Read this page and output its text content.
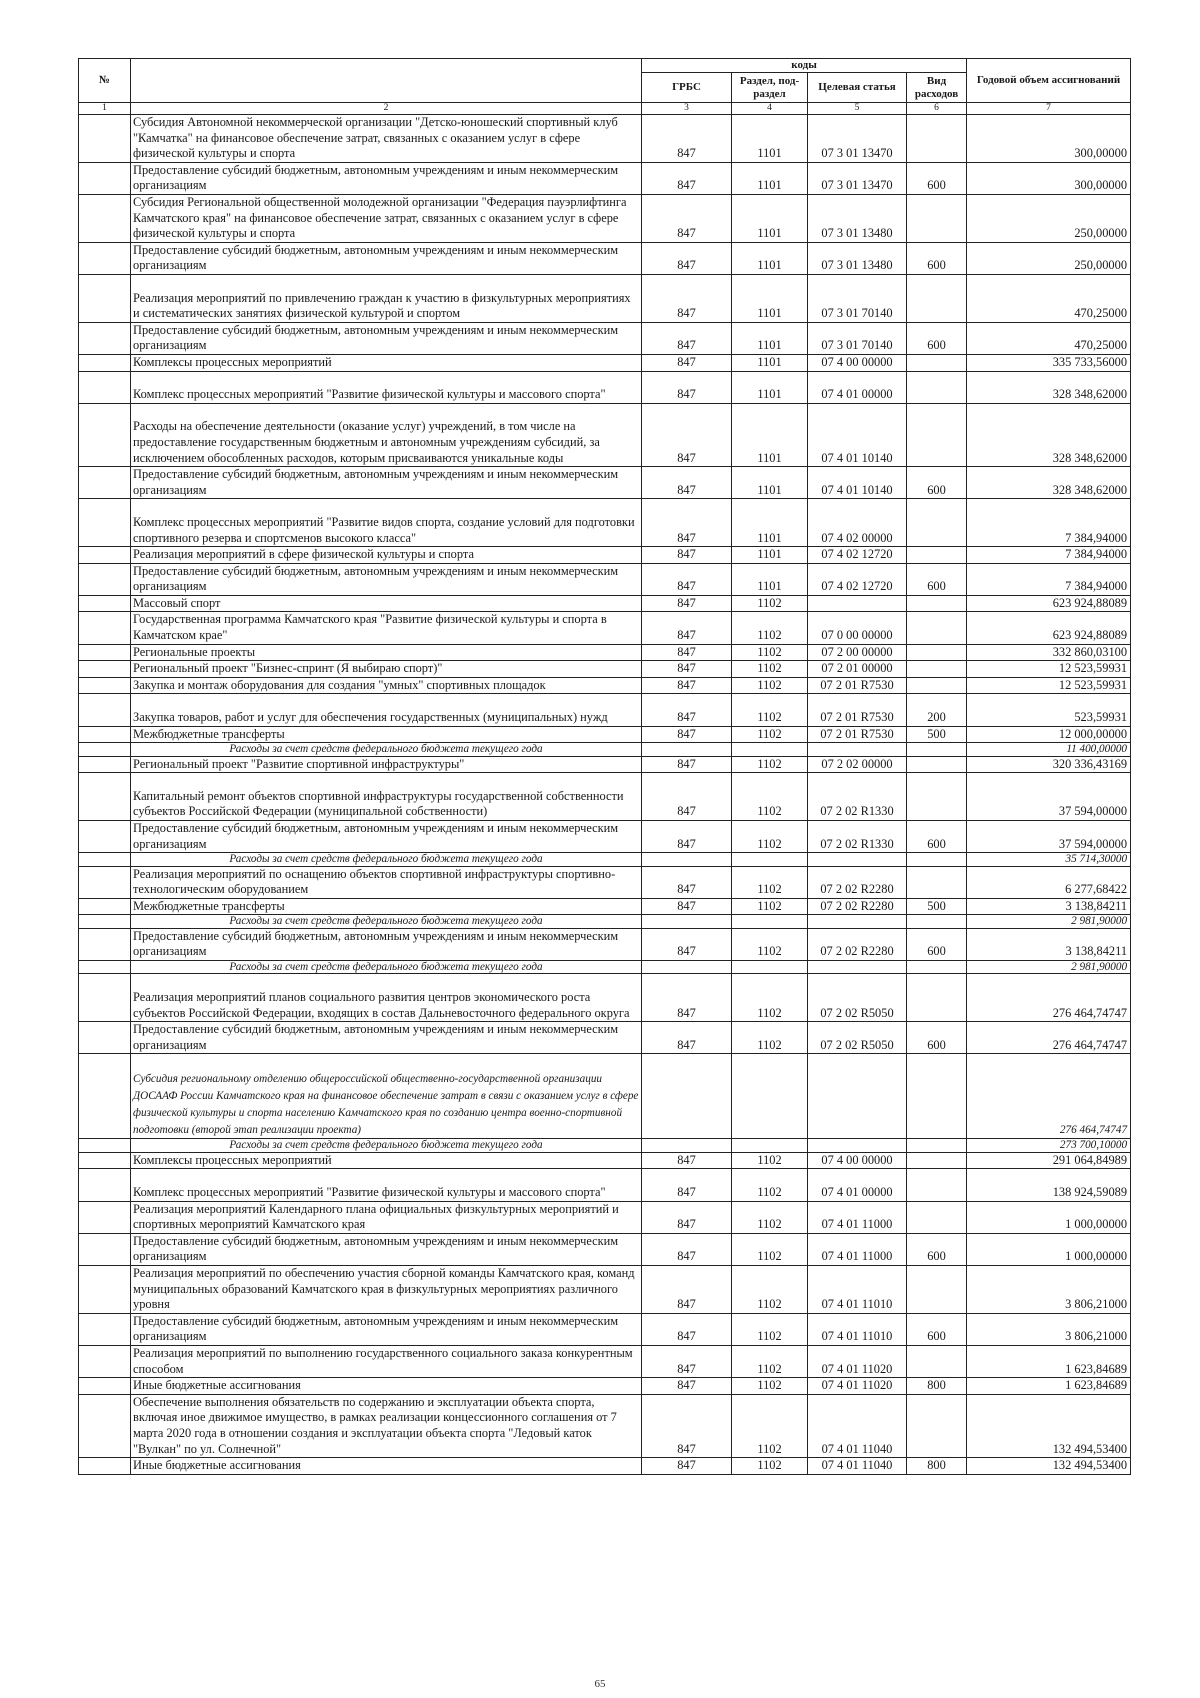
№		коды				Годовой объем ассигнований
		ГРБС	Раздел, под-раздел	Целевая статья	Вид расходов	
1	2	3	4	5	6	7
	Субсидия Автономной некоммерческой организации "Детско-юношеский спортивный клуб "Камчатка" на финансовое обеспечение затрат, связанных с оказанием услуг в сфере физической культуры и спорта	847	1101	07 3 01 13470		300,00000
	Предоставление субсидий бюджетным, автономным учреждениям и иным некоммерческим организациям	847	1101	07 3 01 13470	600	300,00000
	Субсидия Региональной общественной молодежной организации "Федерация пауэрлифтинга Камчатского края" на финансовое обеспечение затрат, связанных с оказанием услуг в сфере физической культуры и спорта	847	1101	07 3 01 13480		250,00000
	Предоставление субсидий бюджетным, автономным учреждениям и иным некоммерческим организациям	847	1101	07 3 01 13480	600	250,00000
	Реализация мероприятий по привлечению граждан к участию в физкультурных мероприятиях и систематических занятиях физической культурой и спортом	847	1101	07 3 01 70140		470,25000
	Предоставление субсидий бюджетным, автономным учреждениям и иным некоммерческим организациям	847	1101	07 3 01 70140	600	470,25000
	Комплексы процессных мероприятий	847	1101	07 4 00 00000		335 733,56000
	Комплекс процессных мероприятий "Развитие физической культуры и массового спорта"	847	1101	07 4 01 00000		328 348,62000
	Расходы на обеспечение деятельности (оказание услуг) учреждений, в том числе на предоставление государственным бюджетным и автономным учреждениям субсидий, за исключением обособленных расходов, которым присваиваются уникальные коды	847	1101	07 4 01 10140		328 348,62000
	Предоставление субсидий бюджетным, автономным учреждениям и иным некоммерческим организациям	847	1101	07 4 01 10140	600	328 348,62000
	Комплекс процессных мероприятий "Развитие видов спорта, создание условий для подготовки спортивного резерва и спортсменов высокого класса"	847	1101	07 4 02 00000		7 384,94000
	Реализация мероприятий в сфере физической культуры и спорта	847	1101	07 4 02 12720		7 384,94000
	Предоставление субсидий бюджетным, автономным учреждениям и иным некоммерческим организациям	847	1101	07 4 02 12720	600	7 384,94000
	Массовый спорт	847	1102			623 924,88089
	Государственная программа Камчатского края "Развитие физической культуры и спорта в Камчатском крае"	847	1102	07 0 00 00000		623 924,88089
	Региональные проекты	847	1102	07 2 00 00000		332 860,03100
	Региональный проект "Бизнес-спринт (Я выбираю спорт)"	847	1102	07 2 01 00000		12 523,59931
	Закупка и монтаж оборудования для создания "умных" спортивных площадок	847	1102	07 2 01 R7530		12 523,59931
	Закупка товаров, работ и услуг для обеспечения государственных (муниципальных) нужд	847	1102	07 2 01 R7530	200	523,59931
	Межбюджетные трансферты	847	1102	07 2 01 R7530	500	12 000,00000
	Расходы за счет средств федерального бюджета текущего года					11 400,00000
	Региональный проект "Развитие спортивной инфраструктуры"	847	1102	07 2 02 00000		320 336,43169
	Капитальный ремонт объектов спортивной инфраструктуры государственной собственности субъектов Российской Федерации (муниципальной собственности)	847	1102	07 2 02 R1330		37 594,00000
	Предоставление субсидий бюджетным, автономным учреждениям и иным некоммерческим организациям	847	1102	07 2 02 R1330	600	37 594,00000
	Расходы за счет средств федерального бюджета текущего года					35 714,30000
	Реализация мероприятий по оснащению объектов спортивной инфраструктуры спортивно-технологическим оборудованием	847	1102	07 2 02 R2280		6 277,68422
	Межбюджетные трансферты	847	1102	07 2 02 R2280	500	3 138,84211
	Расходы за счет средств федерального бюджета текущего года					2 981,90000
	Предоставление субсидий бюджетным, автономным учреждениям и иным некоммерческим организациям	847	1102	07 2 02 R2280	600	3 138,84211
	Расходы за счет средств федерального бюджета текущего года					2 981,90000
	Реализация мероприятий планов социального развития центров экономического роста субъектов Российской Федерации, входящих в состав Дальневосточного федерального округа	847	1102	07 2 02 R5050		276 464,74747
	Предоставление субсидий бюджетным, автономным учреждениям и иным некоммерческим организациям	847	1102	07 2 02 R5050	600	276 464,74747
	Субсидия региональному отделению общероссийской общественно-государственной организации ДОСААФ России Камчатского края на финансовое обеспечение затрат в связи с оказанием услуг в сфере физической культуры и спорта населению Камчатского края по созданию центра военно-спортивной подготовки (второй этап реализации проекта)					276 464,74747
	Расходы за счет средств федерального бюджета текущего года					273 700,10000
	Комплексы процессных мероприятий	847	1102	07 4 00 00000		291 064,84989
	Комплекс процессных мероприятий "Развитие физической культуры и массового спорта"	847	1102	07 4 01 00000		138 924,59089
	Реализация мероприятий Календарного плана официальных физкультурных мероприятий и спортивных мероприятий Камчатского края	847	1102	07 4 01 11000		1 000,00000
	Предоставление субсидий бюджетным, автономным учреждениям и иным некоммерческим организациям	847	1102	07 4 01 11000	600	1 000,00000
	Реализация мероприятий по обеспечению участия сборной команды Камчатского края, команд муниципальных образований Камчатского края в физкультурных мероприятиях различного уровня	847	1102	07 4 01 11010		3 806,21000
	Предоставление субсидий бюджетным, автономным учреждениям и иным некоммерческим организациям	847	1102	07 4 01 11010	600	3 806,21000
	Реализация мероприятий по выполнению государственного социального заказа конкурентным способом	847	1102	07 4 01 11020		1 623,84689
	Иные бюджетные ассигнования	847	1102	07 4 01 11020	800	1 623,84689
	Обеспечение выполнения обязательств по содержанию и эксплуатации объекта спорта, включая иное движимое имущество, в рамках реализации концессионного соглашения от 7 марта 2020 года в отношении создания и эксплуатации объекта спорта "Ледовый каток "Вулкан" по ул. Солнечной"	847	1102	07 4 01 11040		132 494,53400
	Иные бюджетные ассигнования	847	1102	07 4 01 11040	800	132 494,53400
65
